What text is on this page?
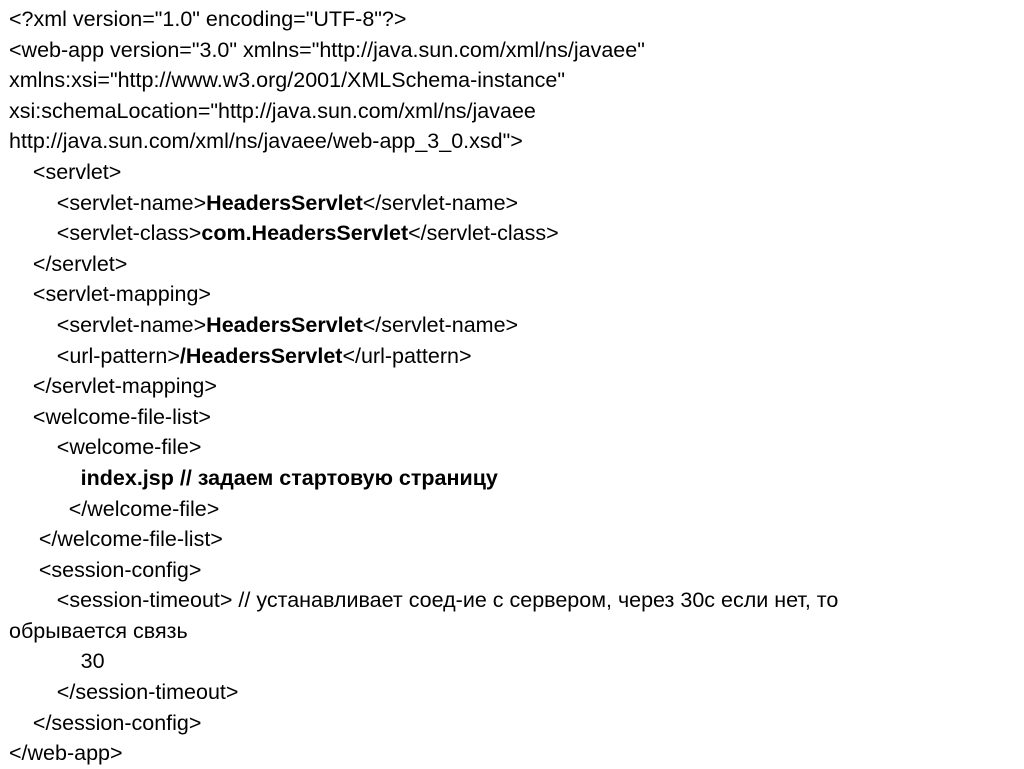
<?xml version="1.0" encoding="UTF-8"?>
<web-app version="3.0" xmlns="http://java.sun.com/xml/ns/javaee"
xmlns:xsi="http://www.w3.org/2001/XMLSchema-instance"
xsi:schemaLocation="http://java.sun.com/xml/ns/javaee
http://java.sun.com/xml/ns/javaee/web-app_3_0.xsd">
<servlet>
<servlet-name>HeadersServlet</servlet-name>
<servlet-class>com.HeadersServlet</servlet-class>
</servlet>
<servlet-mapping>
<servlet-name>HeadersServlet</servlet-name>
<url-pattern>/HeadersServlet</url-pattern>
</servlet-mapping>
<welcome-file-list>
<welcome-file>
index.jsp // задаем стартовую страницу
</welcome-file>
</welcome-file-list>
<session-config>
<session-timeout> // устанавливает соед-ие с сервером, через 30с если нет, то
обрывается связь
30
</session-timeout>
</session-config>
</web-app>
